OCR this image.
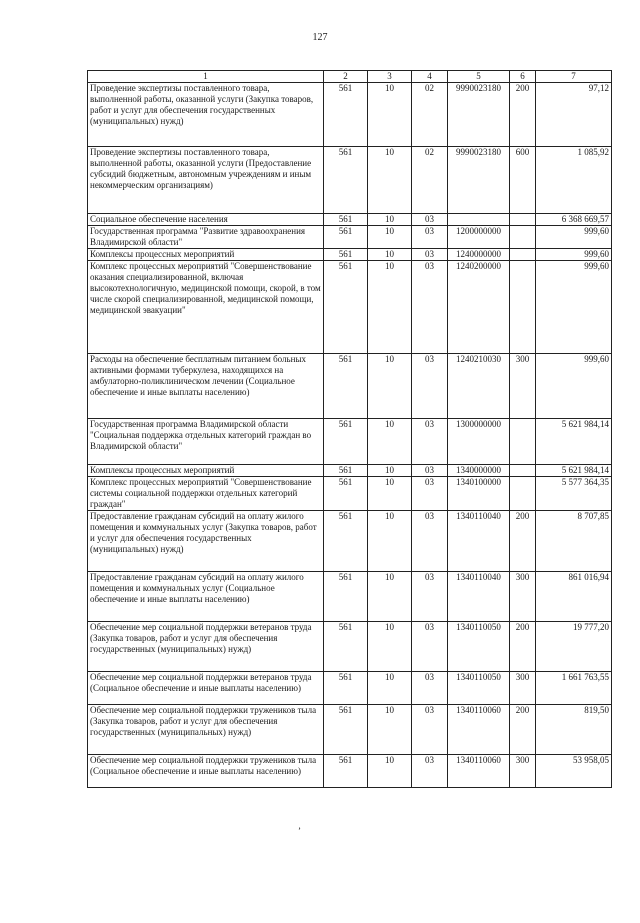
127
1	2	3	4	5	6	7
Проведение экспертизы поставленного товара, выполненной работы, оказанной услуги (Закупка товаров, работ и услуг для обеспечения государственных (муниципальных) нужд)	561	10	02	9990023180	200	97,12
Проведение экспертизы поставленного товара, выполненной работы, оказанной услуги (Предоставление субсидий бюджетным, автономным учреждениям и иным некоммерческим организациям)	561	10	02	9990023180	600	1 085,92
Социальное обеспечение населения	561	10	03			6 368 669,57
Государственная программа "Развитие здравоохранения Владимирской области"	561	10	03	1200000000		999,60
Комплексы процессных мероприятий	561	10	03	1240000000		999,60
Комплекс процессных мероприятий "Совершенствование оказания специализированной, включая высокотехнологичную, медицинской помощи, скорой, в том числе скорой специализированной, медицинской помощи, медицинской эвакуации"	561	10	03	1240200000		999,60
Расходы на обеспечение бесплатным питанием больных активными формами туберкулеза, находящихся на амбулаторно-поликлиническом лечении (Социальное обеспечение и иные выплаты населению)	561	10	03	1240210030	300	999,60
Государственная программа Владимирской области "Социальная поддержка отдельных категорий граждан во Владимирской области"	561	10	03	1300000000		5 621 984,14
Комплексы процессных мероприятий	561	10	03	1340000000		5 621 984,14
Комплекс процессных мероприятий "Совершенствование системы социальной поддержки отдельных категорий граждан"	561	10	03	1340100000		5 577 364,35
Предоставление гражданам субсидий на оплату жилого помещения и коммунальных услуг (Закупка товаров, работ и услуг для обеспечения государственных (муниципальных) нужд)	561	10	03	1340110040	200	8 707,85
Предоставление гражданам субсидий на оплату жилого помещения и коммунальных услуг (Социальное обеспечение и иные выплаты населению)	561	10	03	1340110040	300	861 016,94
Обеспечение мер социальной поддержки ветеранов труда (Закупка товаров, работ и услуг для обеспечения государственных (муниципальных) нужд)	561	10	03	1340110050	200	19 777,20
Обеспечение мер социальной поддержки ветеранов труда (Социальное обеспечение и иные выплаты населению)	561	10	03	1340110050	300	1 661 763,55
Обеспечение мер социальной поддержки тружеников тыла (Закупка товаров, работ и услуг для обеспечения государственных (муниципальных) нужд)	561	10	03	1340110060	200	819,50
Обеспечение мер социальной поддержки тружеников тыла (Социальное обеспечение и иные выплаты населению)	561	10	03	1340110060	300	53 958,05
’
